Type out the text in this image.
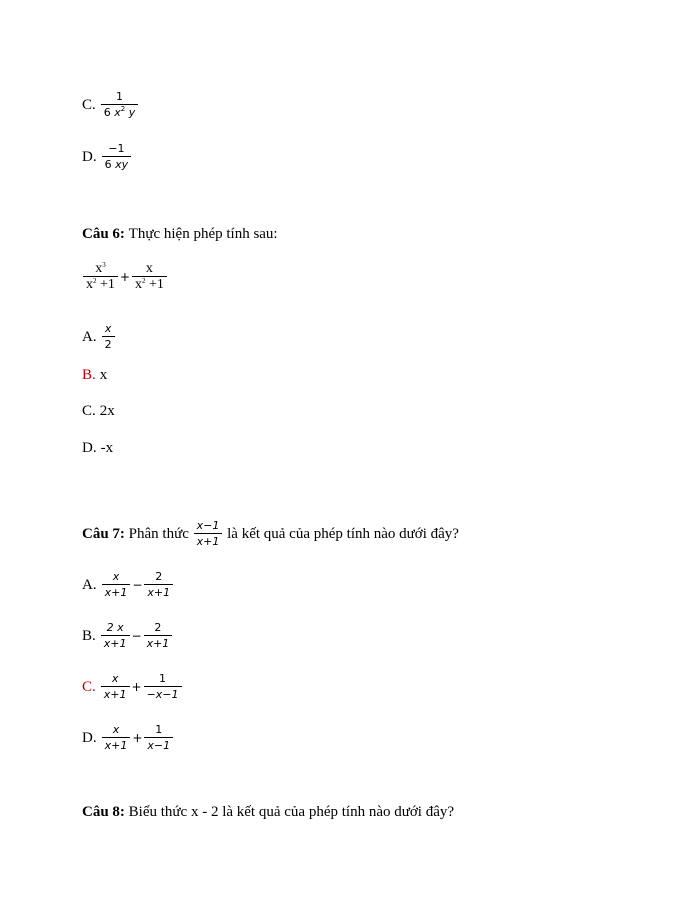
C. $\frac{1}{6 x^2 y}$
D. $\frac{-1}{6 xy}$
Câu 6:
Thực hiện phép tính sau:
$\frac{x^3}{x^2 +1} + \frac{x}{x^2 +1}$
A. $\frac{x}{2}$
B. x
C. 2x
D. -x
Câu 7:
Phân thức
$\frac{x-1}{x+1}$
là kết quả của phép tính nào dưới đây?
A. $\frac{x}{x+1} - \frac{2}{x+1}$
B. $\frac{2 x}{x+1} - \frac{2}{x+1}$
C. $\frac{x}{x+1} + \frac{1}{-x-1}$
D. $\frac{x}{x+1} + \frac{1}{x-1}$
Câu 8:
Biểu thức x - 2 là kết quả của phép tính nào dưới đây?
